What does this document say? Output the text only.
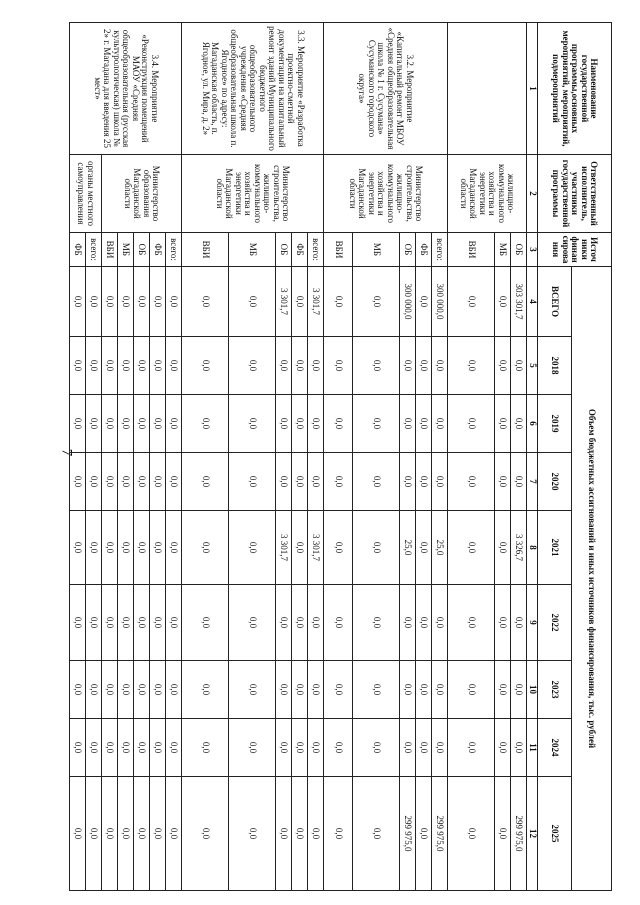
7
Наименование государственной программы,основных мероприятий, мероприятий, подмероприятий	Ответственный исполнитель, участники государственной программы	Источники финансирования	Объем бюджетных ассигнований и иных источников финансирования, тыс. рублей								
			ВСЕГО	2018	2019	2020	2021	2022	2023	2024	2025
1	2	3	4	5	6	7	8	9	10	11	12
	жилищно-коммунального хозяйства и энергетики Магаданской области	ОБ	303 301,7	0,0	0,0	0,0	3 326,7	0,0	0,0	0,0	299 975,0
		МБ	0,0	0,0	0,0	0,0	0,0	0,0	0,0	0,0	0,0
		ВБИ	0,0	0,0	0,0	0,0	0,0	0,0	0,0	0,0	0,0
3.2. Мероприятие «Капитальный ремонт МБОУ «Средняя общеобразовательная школа № 1 г. Сусумана» Сусуманского городского округа»	Министерство строительства, жилищно-коммунального хозяйства и энергетики Магаданской области	всего:	300 000,0	0,0	0,0	0,0	25,0	0,0	0,0	0,0	299 975,0
		ФБ	0,0	0,0	0,0	0,0	0,0	0,0	0,0	0,0	0,0
		ОБ	300 000,0	0,0	0,0	0,0	25,0	0,0	0,0	0,0	299 975,0
		МБ	0,0	0,0	0,0	0,0	0,0	0,0	0,0	0,0	0,0
		ВБИ	0,0	0,0	0,0	0,0	0,0	0,0	0,0	0,0	0,0
3.3. Мероприятие «Разработка проектно-сметной документации на капитальный ремонт зданий Муниципального бюджетного общеобразовательного учреждения «Средняя общеобразовательная школа п. Ягодное» по адресу: Магаданская область, п. Ягодное, ул. Мира, д. 2»	Министерство строительства, жилищно-коммунального хозяйства и энергетики Магаданской области	всего:	3 301,7	0,0	0,0	0,0	3 301,7	0,0	0,0	0,0	0,0
		ФБ	0,0	0,0	0,0	0,0	0,0	0,0	0,0	0,0	0,0
		ОБ	3 301,7	0,0	0,0	0,0	3 301,7	0,0	0,0	0,0	0,0
		МБ	0,0	0,0	0,0	0,0	0,0	0,0	0,0	0,0	0,0
		ВБИ	0,0	0,0	0,0	0,0	0,0	0,0	0,0	0,0	0,0
3.4. Мероприятие «Реконструкция помещений МАОУ «Средняя общеобразовательная (русская культурологическая) школа № 2» г. Магадана для введения 25 мест»	Министерство образования Магаданской области	всего:	0,0	0,0	0,0	0,0	0,0	0,0	0,0	0,0	0,0
		ФБ	0,0	0,0	0,0	0,0	0,0	0,0	0,0	0,0	0,0
		ОБ	0,0	0,0	0,0	0,0	0,0	0,0	0,0	0,0	0,0
		МБ	0,0	0,0	0,0	0,0	0,0	0,0	0,0	0,0	0,0
		ВБИ	0,0	0,0	0,0	0,0	0,0	0,0	0,0	0,0	0,0
	органы местного самоуправления	всего:	0,0	0,0	0,0	0,0	0,0	0,0	0,0	0,0	0,0
		ФБ	0,0	0,0	0,0	0,0	0,0	0,0	0,0	0,0	0,0
